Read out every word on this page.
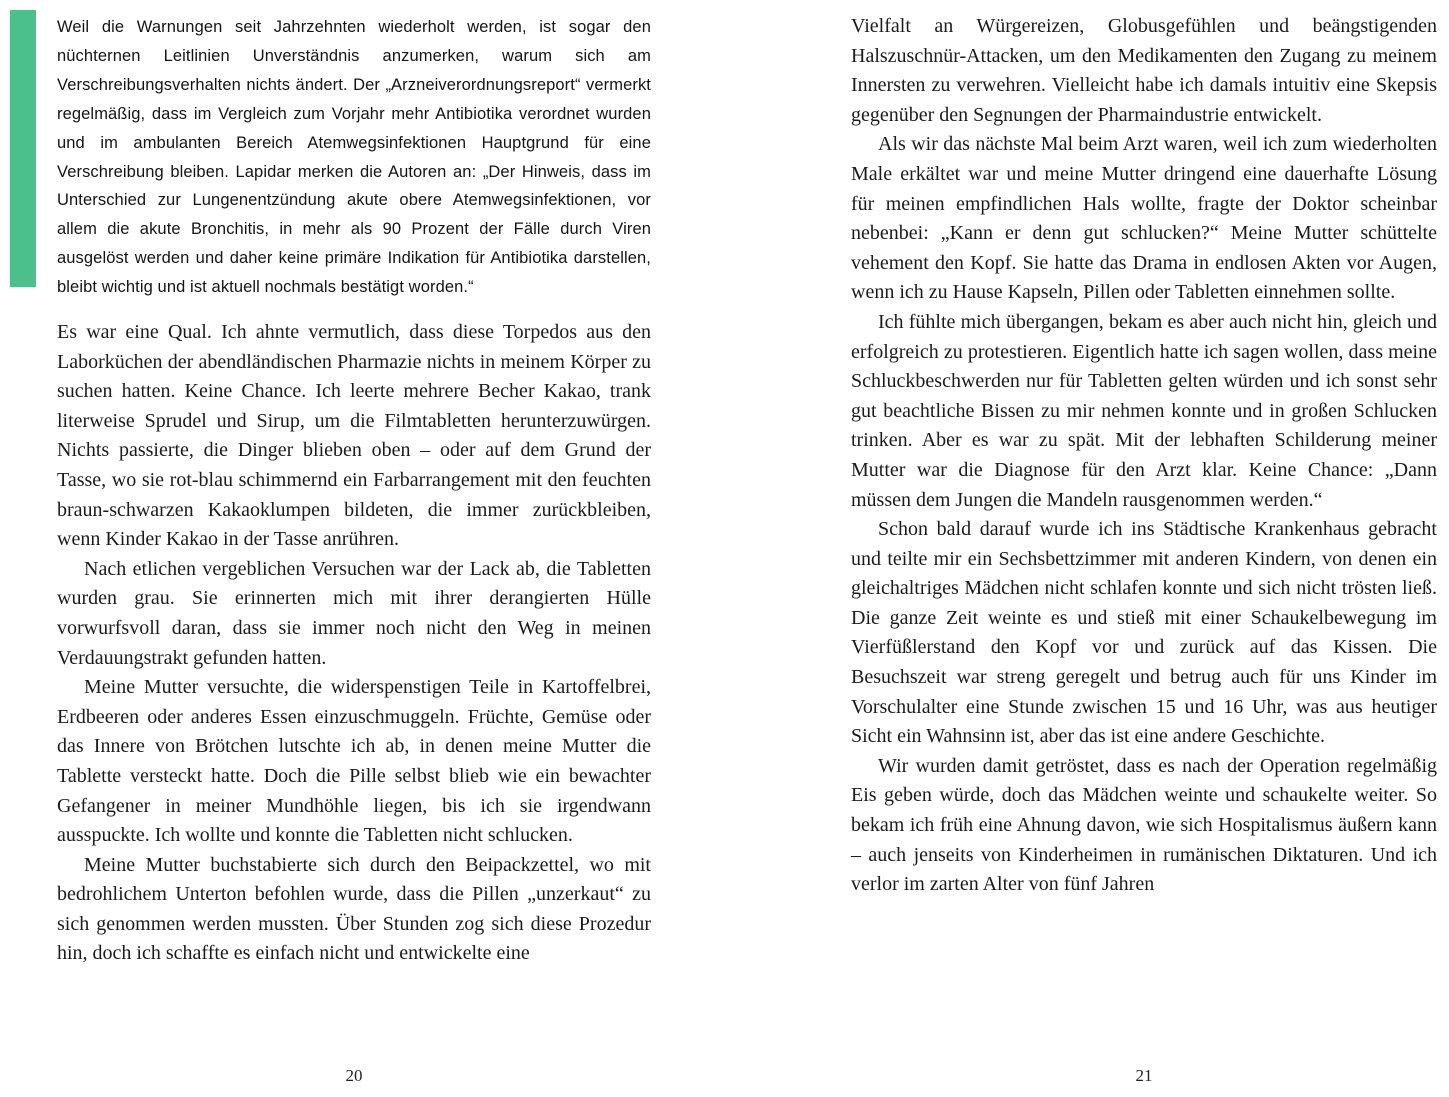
Weil die Warnungen seit Jahrzehnten wiederholt werden, ist sogar den nüchternen Leitlinien Unverständnis anzumerken, warum sich am Verschreibungsverhalten nichts ändert. Der „Arzneiverordnungsreport“ vermerkt regelmäßig, dass im Vergleich zum Vorjahr mehr Antibiotika verordnet wurden und im ambulanten Bereich Atemwegsinfektionen Hauptgrund für eine Verschreibung bleiben. Lapidar merken die Autoren an: „Der Hinweis, dass im Unterschied zur Lungenentzündung akute obere Atemwegsinfektionen, vor allem die akute Bronchitis, in mehr als 90 Prozent der Fälle durch Viren ausgelöst werden und daher keine primäre Indikation für Antibiotika darstellen, bleibt wichtig und ist aktuell nochmals bestätigt worden.“

Es war eine Qual. Ich ahnte vermutlich, dass diese Torpedos aus den Laborküchen der abendländischen Pharmazie nichts in meinem Körper zu suchen hatten. Keine Chance. Ich leerte mehrere Becher Kakao, trank literweise Sprudel und Sirup, um die Filmtabletten herunterzuwürgen. Nichts passierte, die Dinger blieben oben – oder auf dem Grund der Tasse, wo sie rot-blau schimmernd ein Farbarrangement mit den feuchten braun-schwarzen Kakaoklumpen bildeten, die immer zurückbleiben, wenn Kinder Kakao in der Tasse anrühren.

Nach etlichen vergeblichen Versuchen war der Lack ab, die Tabletten wurden grau. Sie erinnerten mich mit ihrer derangierten Hülle vorwurfsvoll daran, dass sie immer noch nicht den Weg in meinen Verdauungstrakt gefunden hatten.

Meine Mutter versuchte, die widerspenstigen Teile in Kartoffelbrei, Erdbeeren oder anderes Essen einzuschmuggeln. Früchte, Gemüse oder das Innere von Brötchen lutschte ich ab, in denen meine Mutter die Tablette versteckt hatte. Doch die Pille selbst blieb wie ein bewachter Gefangener in meiner Mundhöhle liegen, bis ich sie irgendwann ausspuckte. Ich wollte und konnte die Tabletten nicht schlucken.

Meine Mutter buchstabierte sich durch den Beipackzettel, wo mit bedrohlichem Unterton befohlen wurde, dass die Pillen „unzerkaut“ zu sich genommen werden mussten. Über Stunden zog sich diese Prozedur hin, doch ich schaffte es einfach nicht und entwickelte eine

20

Vielfalt an Würgereizen, Globusgefühlen und beängstigenden Halszuschnür-Attacken, um den Medikamenten den Zugang zu meinem Innersten zu verwehren. Vielleicht habe ich damals intuitiv eine Skepsis gegenüber den Segnungen der Pharmaindustrie entwickelt.

Als wir das nächste Mal beim Arzt waren, weil ich zum wiederholten Male erkältet war und meine Mutter dringend eine dauerhafte Lösung für meinen empfindlichen Hals wollte, fragte der Doktor scheinbar nebenbei: „Kann er denn gut schlucken?“ Meine Mutter schüttelte vehement den Kopf. Sie hatte das Drama in endlosen Akten vor Augen, wenn ich zu Hause Kapseln, Pillen oder Tabletten einnehmen sollte.

Ich fühlte mich übergangen, bekam es aber auch nicht hin, gleich und erfolgreich zu protestieren. Eigentlich hatte ich sagen wollen, dass meine Schluckbeschwerden nur für Tabletten gelten würden und ich sonst sehr gut beachtliche Bissen zu mir nehmen konnte und in großen Schlucken trinken. Aber es war zu spät. Mit der lebhaften Schilderung meiner Mutter war die Diagnose für den Arzt klar. Keine Chance: „Dann müssen dem Jungen die Mandeln rausgenommen werden.“

Schon bald darauf wurde ich ins Städtische Krankenhaus gebracht und teilte mir ein Sechsbettzimmer mit anderen Kindern, von denen ein gleichaltriges Mädchen nicht schlafen konnte und sich nicht trösten ließ. Die ganze Zeit weinte es und stieß mit einer Schaukelbewegung im Vierfüßlerstand den Kopf vor und zurück auf das Kissen. Die Besuchszeit war streng geregelt und betrug auch für uns Kinder im Vorschulalter eine Stunde zwischen 15 und 16 Uhr, was aus heutiger Sicht ein Wahnsinn ist, aber das ist eine andere Geschichte.

Wir wurden damit getröstet, dass es nach der Operation regelmäßig Eis geben würde, doch das Mädchen weinte und schaukelte weiter. So bekam ich früh eine Ahnung davon, wie sich Hospitalismus äußern kann – auch jenseits von Kinderheimen in rumänischen Diktaturen. Und ich verlor im zarten Alter von fünf Jahren

21
